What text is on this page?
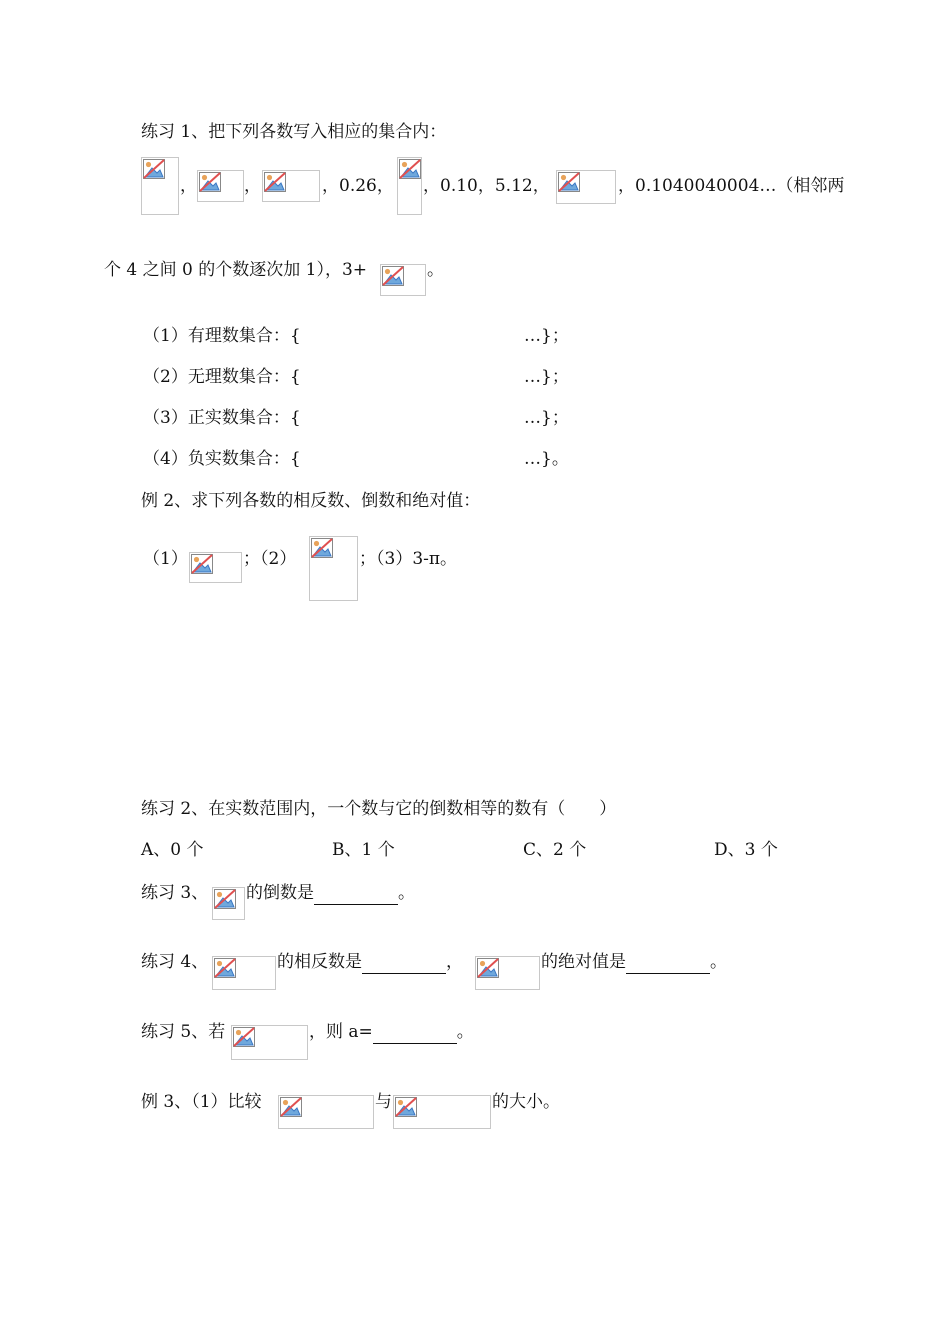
练习 1、把下列各数写入相应的集合内：
，	，	，0.26， ，0.10，5.12，	，0.1040040004…（相邻两
个 4 之间 0 的个数逐次加 1），3+	。
（1）有理数集合：{	…}；
（2）无理数集合：{	…}；
（3）正实数集合：{	…}；
（4）负实数集合：{	…}。
例 2、求下列各数的相反数、倒数和绝对值：
（1）	；（2）	；（3）3-π。
练习 2、在实数范围内，一个数与它的倒数相等的数有（　　）
A、0 个	B、1 个	C、2 个	D、3 个
练习 3、 的倒数是	。
练习 4、	的相反数是	，	的绝对值是	。
练习 5、若	，则 a=	。
例 3、（1）比较	与	的大小。
